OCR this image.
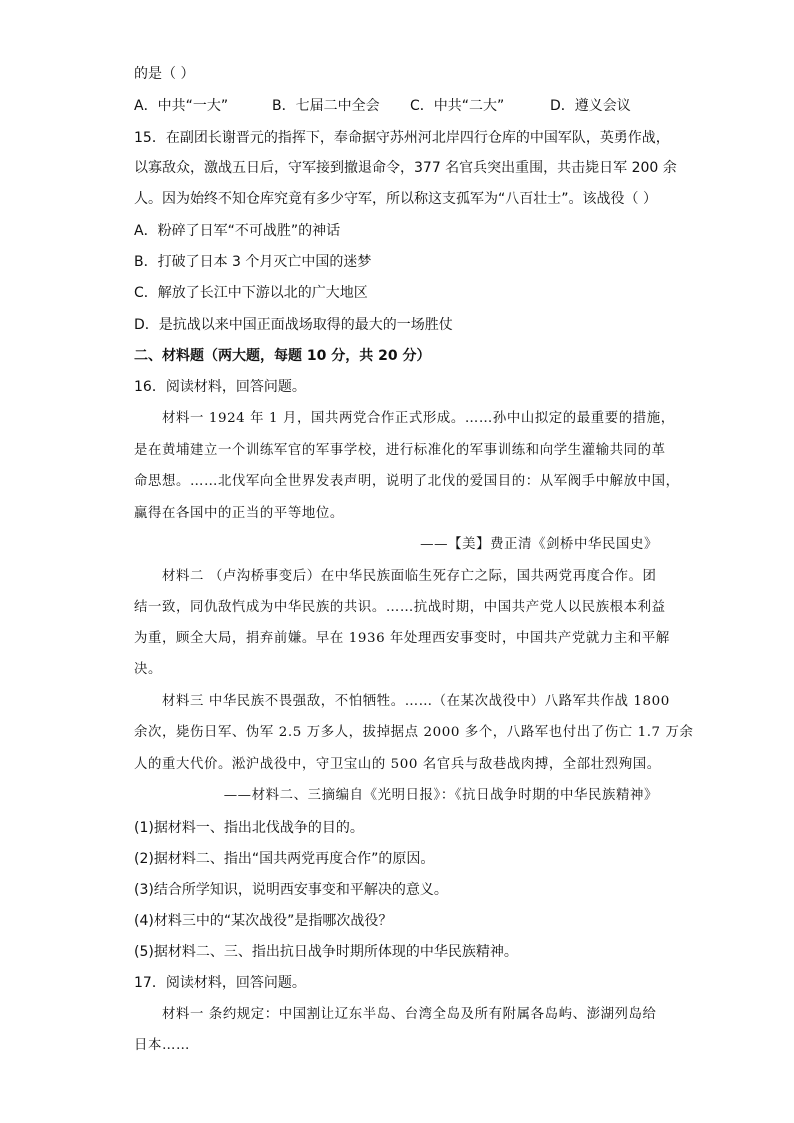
的是（ ）
A．中共“一大”	B．七届二中全会 C．中共“二大”	D．遵义会议
15．在副团长谢晋元的指挥下，奉命据守苏州河北岸四行仓库的中国军队，英勇作战，
以寡敌众，激战五日后，守军接到撤退命令，377 名官兵突出重围，共击毙日军 200 余
人。因为始终不知仓库究竟有多少守军，所以称这支孤军为“八百壮士”。该战役（ ）
A．粉碎了日军“不可战胜”的神话
B．打破了日本 3 个月灭亡中国的迷梦
C．解放了长江中下游以北的广大地区
D．是抗战以来中国正面战场取得的最大的一场胜仗
二、材料题（两大题，每题 10 分，共 20 分）
16．阅读材料，回答问题。
材料一 1924 年 1 月，国共两党合作正式形成。……孙中山拟定的最重要的措施，
是在黄埔建立一个训练军官的军事学校，进行标准化的军事训练和向学生灌输共同的革
命思想。……北伐军向全世界发表声明，说明了北伐的爱国目的：从军阀手中解放中国，
赢得在各国中的正当的平等地位。
——【美】费正清《剑桥中华民国史》
材料二 （卢沟桥事变后）在中华民族面临生死存亡之际，国共两党再度合作。团
结一致，同仇敌忾成为中华民族的共识。……抗战时期，中国共产党人以民族根本利益
为重，顾全大局，捐弃前嫌。早在 1936 年处理西安事变时，中国共产党就力主和平解
决。
材料三 中华民族不畏强敌，不怕牺牲。……（在某次战役中）八路军共作战 1800
余次，毙伤日军、伪军 2.5 万多人，拔掉据点 2000 多个，八路军也付出了伤亡 1.7 万余
人的重大代价。淞沪战役中，守卫宝山的 500 名官兵与敌巷战肉搏，全部壮烈殉国。
——材料二、三摘编自《光明日报》：《抗日战争时期的中华民族精神》
(1)据材料一、指出北伐战争的目的。
(2)据材料二、指出“国共两党再度合作”的原因。
(3)结合所学知识，说明西安事变和平解决的意义。
(4)材料三中的“某次战役”是指哪次战役？
(5)据材料二、三、指出抗日战争时期所体现的中华民族精神。
17．阅读材料，回答问题。
材料一 条约规定：中国割让辽东半岛、台湾全岛及所有附属各岛屿、澎湖列岛给
日本……
